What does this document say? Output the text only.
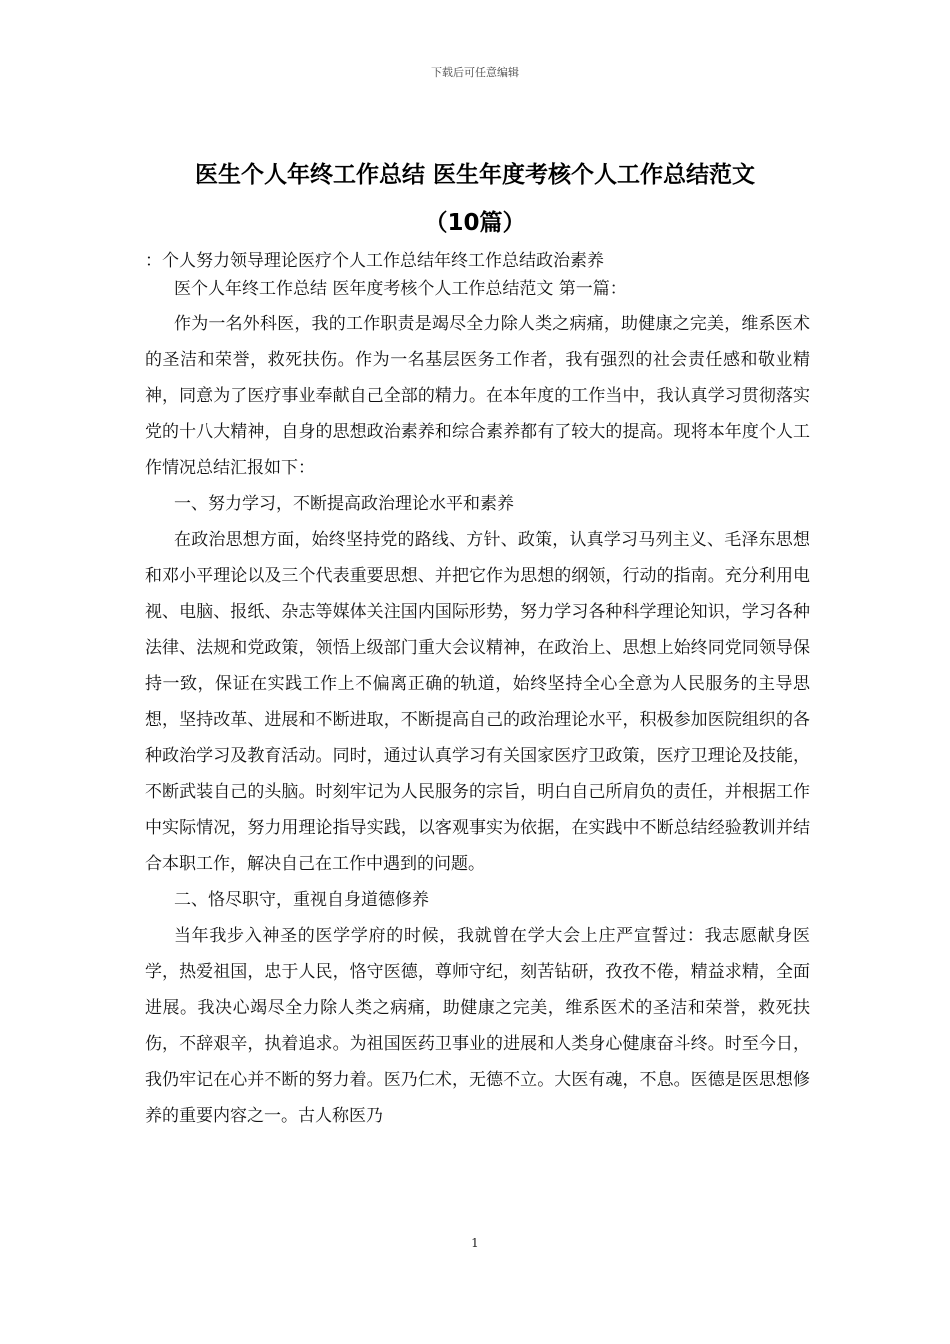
下载后可任意编辑
医生个人年终工作总结 医生年度考核个人工作总结范文
（10篇）

：个人努力领导理论医疗个人工作总结年终工作总结政治素养

医个人年终工作总结 医年度考核个人工作总结范文 第一篇：

作为一名外科医，我的工作职责是竭尽全力除人类之病痛，助健康之完美，维系医术的圣洁和荣誉，救死扶伤。作为一名基层医务工作者，我有强烈的社会责任感和敬业精神，同意为了医疗事业奉献自己全部的精力。在本年度的工作当中，我认真学习贯彻落实党的十八大精神，自身的思想政治素养和综合素养都有了较大的提高。现将本年度个人工作情况总结汇报如下：

一、努力学习，不断提高政治理论水平和素养

在政治思想方面，始终坚持党的路线、方针、政策，认真学习马列主义、毛泽东思想和邓小平理论以及三个代表重要思想、并把它作为思想的纲领，行动的指南。充分利用电视、电脑、报纸、杂志等媒体关注国内国际形势，努力学习各种科学理论知识，学习各种法律、法规和党政策，领悟上级部门重大会议精神，在政治上、思想上始终同党同领导保持一致，保证在实践工作上不偏离正确的轨道，始终坚持全心全意为人民服务的主导思想，坚持改革、进展和不断进取，不断提高自己的政治理论水平，积极参加医院组织的各种政治学习及教育活动。同时，通过认真学习有关国家医疗卫政策，医疗卫理论及技能，不断武装自己的头脑。时刻牢记为人民服务的宗旨，明白自己所肩负的责任，并根据工作中实际情况，努力用理论指导实践，以客观事实为依据，在实践中不断总结经验教训并结合本职工作，解决自己在工作中遇到的问题。

二、恪尽职守，重视自身道德修养

当年我步入神圣的医学学府的时候，我就曾在学大会上庄严宣誓过：我志愿献身医学，热爱祖国，忠于人民，恪守医德，尊师守纪，刻苦钻研，孜孜不倦，精益求精，全面进展。我决心竭尽全力除人类之病痛，助健康之完美，维系医术的圣洁和荣誉，救死扶伤，不辞艰辛，执着追求。为祖国医药卫事业的进展和人类身心健康奋斗终。时至今日，我仍牢记在心并不断的努力着。医乃仁术，无德不立。大医有魂，不息。医德是医思想修养的重要内容之一。古人称医乃

1
